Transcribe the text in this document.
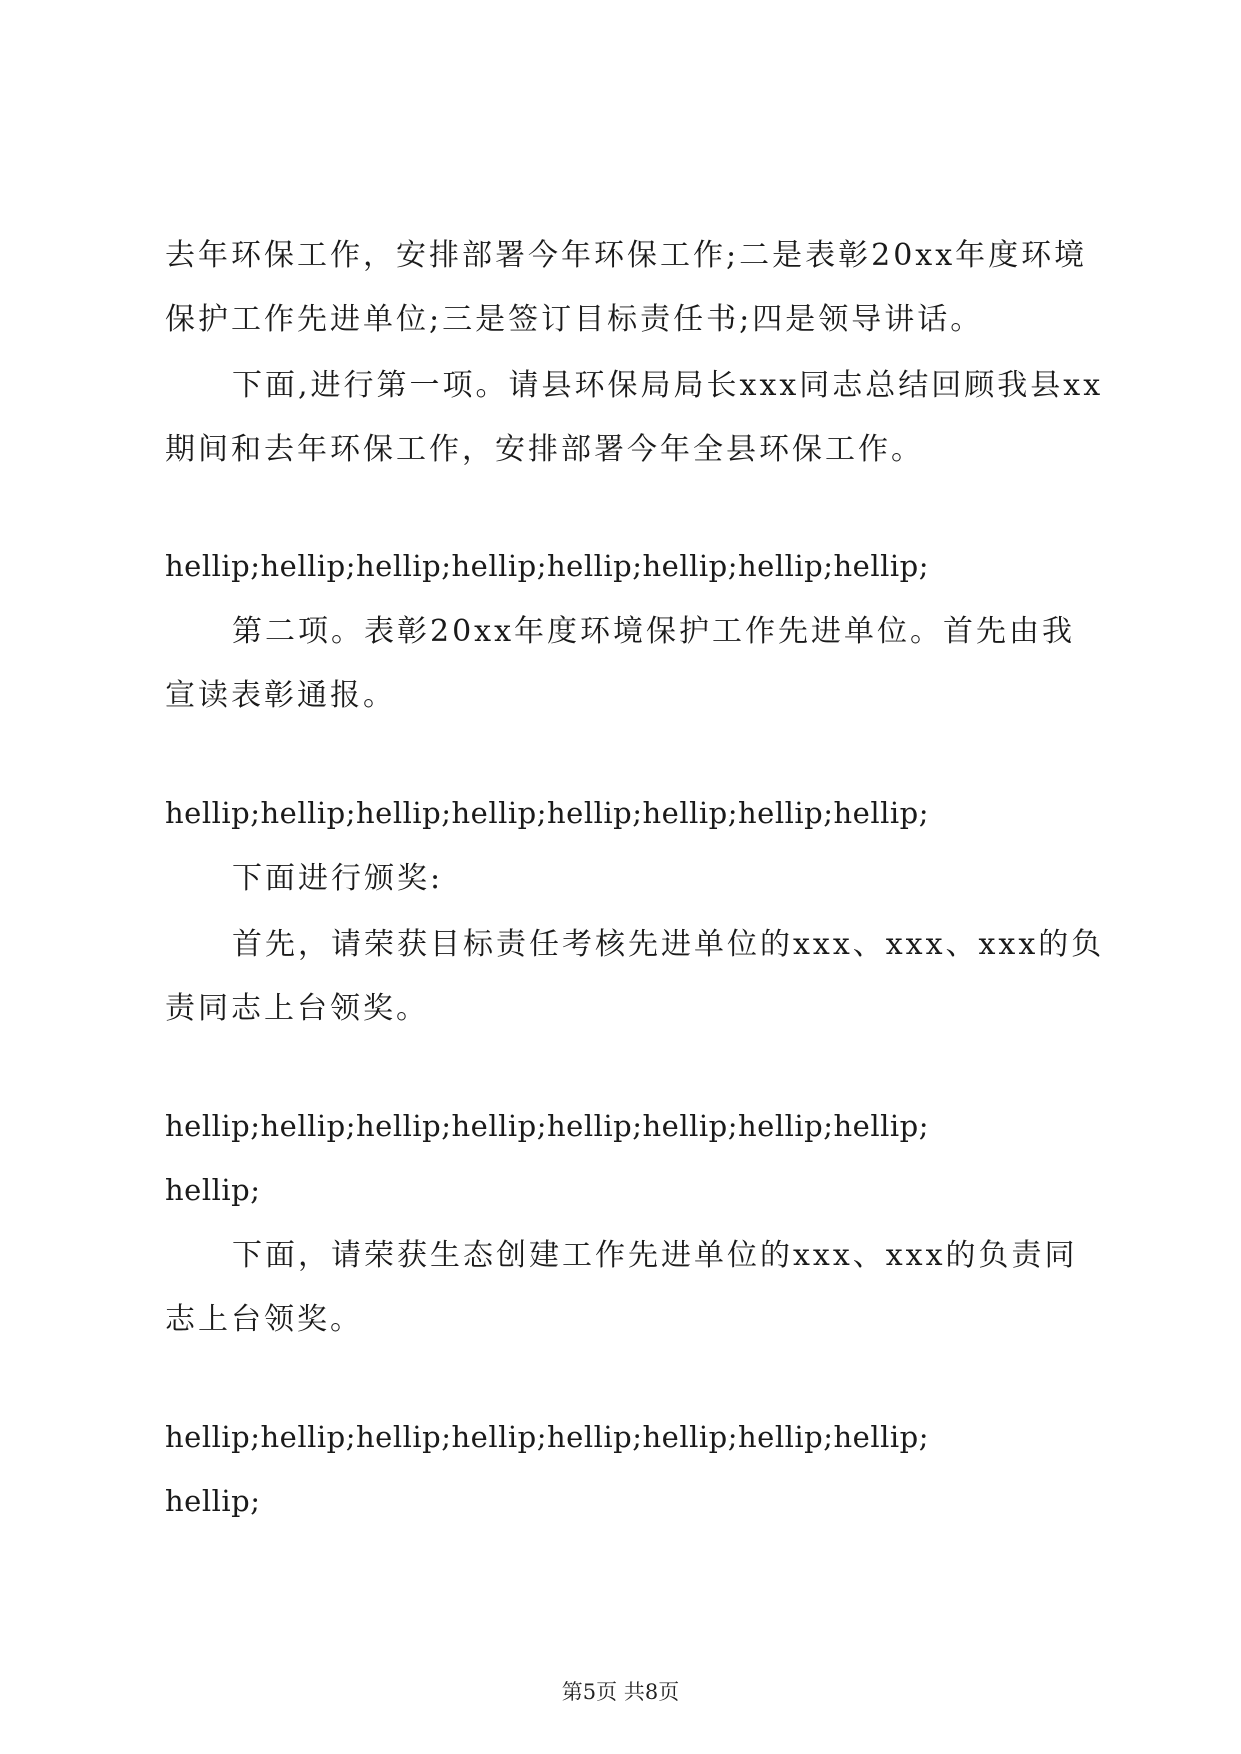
去年环保工作，安排部署今年环保工作;二是表彰20xx年度环境
保护工作先进单位;三是签订目标责任书;四是领导讲话。
下面,进行第一项。请县环保局局长xxx同志总结回顾我县xx
期间和去年环保工作，安排部署今年全县环保工作。
hellip;hellip;hellip;hellip;hellip;hellip;hellip;hellip;
第二项。表彰20xx年度环境保护工作先进单位。首先由我
宣读表彰通报。
hellip;hellip;hellip;hellip;hellip;hellip;hellip;hellip;
下面进行颁奖:
首先，请荣获目标责任考核先进单位的xxx、xxx、xxx的负
责同志上台领奖。
hellip;hellip;hellip;hellip;hellip;hellip;hellip;hellip;
hellip;
下面，请荣获生态创建工作先进单位的xxx、xxx的负责同
志上台领奖。
hellip;hellip;hellip;hellip;hellip;hellip;hellip;hellip;
hellip;
第5页 共8页
